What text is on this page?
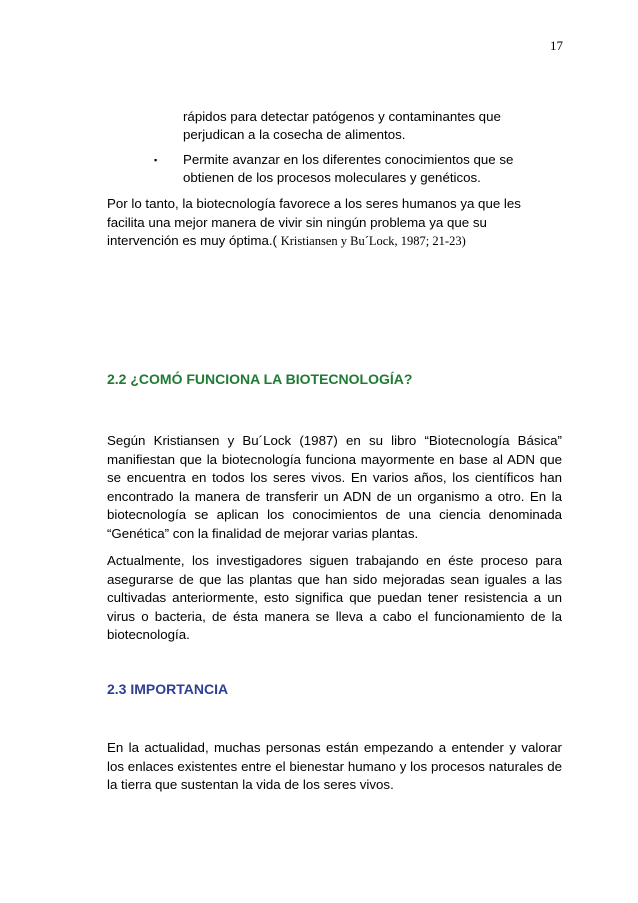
17
rápidos para detectar patógenos y contaminantes que
perjudican a la cosecha de alimentos.
▪ Permite avanzar en los diferentes conocimientos que se
obtienen de los procesos moleculares y genéticos.
Por lo tanto, la biotecnología favorece a los seres humanos ya que les facilita una mejor manera de vivir sin ningún problema ya que su intervención es muy óptima.( Kristiansen y Bu´Lock, 1987; 21-23)
2.2 ¿COMÓ FUNCIONA LA BIOTECNOLOGÍA?
Según Kristiansen y Bu´Lock (1987) en su libro “Biotecnología Básica” manifiestan que la biotecnología funciona mayormente en base al ADN que se encuentra en todos los seres vivos. En varios años, los científicos han encontrado la manera de transferir un ADN de un organismo a otro. En la biotecnología se aplican los conocimientos de una ciencia denominada “Genética” con la finalidad de mejorar varias plantas.
Actualmente, los investigadores siguen trabajando en éste proceso para asegurarse de que las plantas que han sido mejoradas sean iguales a las cultivadas anteriormente, esto significa que puedan tener resistencia a un virus o bacteria, de ésta manera se lleva a cabo el funcionamiento de la biotecnología.
2.3 IMPORTANCIA
En la actualidad, muchas personas están empezando a entender y valorar los enlaces existentes entre el bienestar humano y los procesos naturales de la tierra que sustentan la vida de los seres vivos.
